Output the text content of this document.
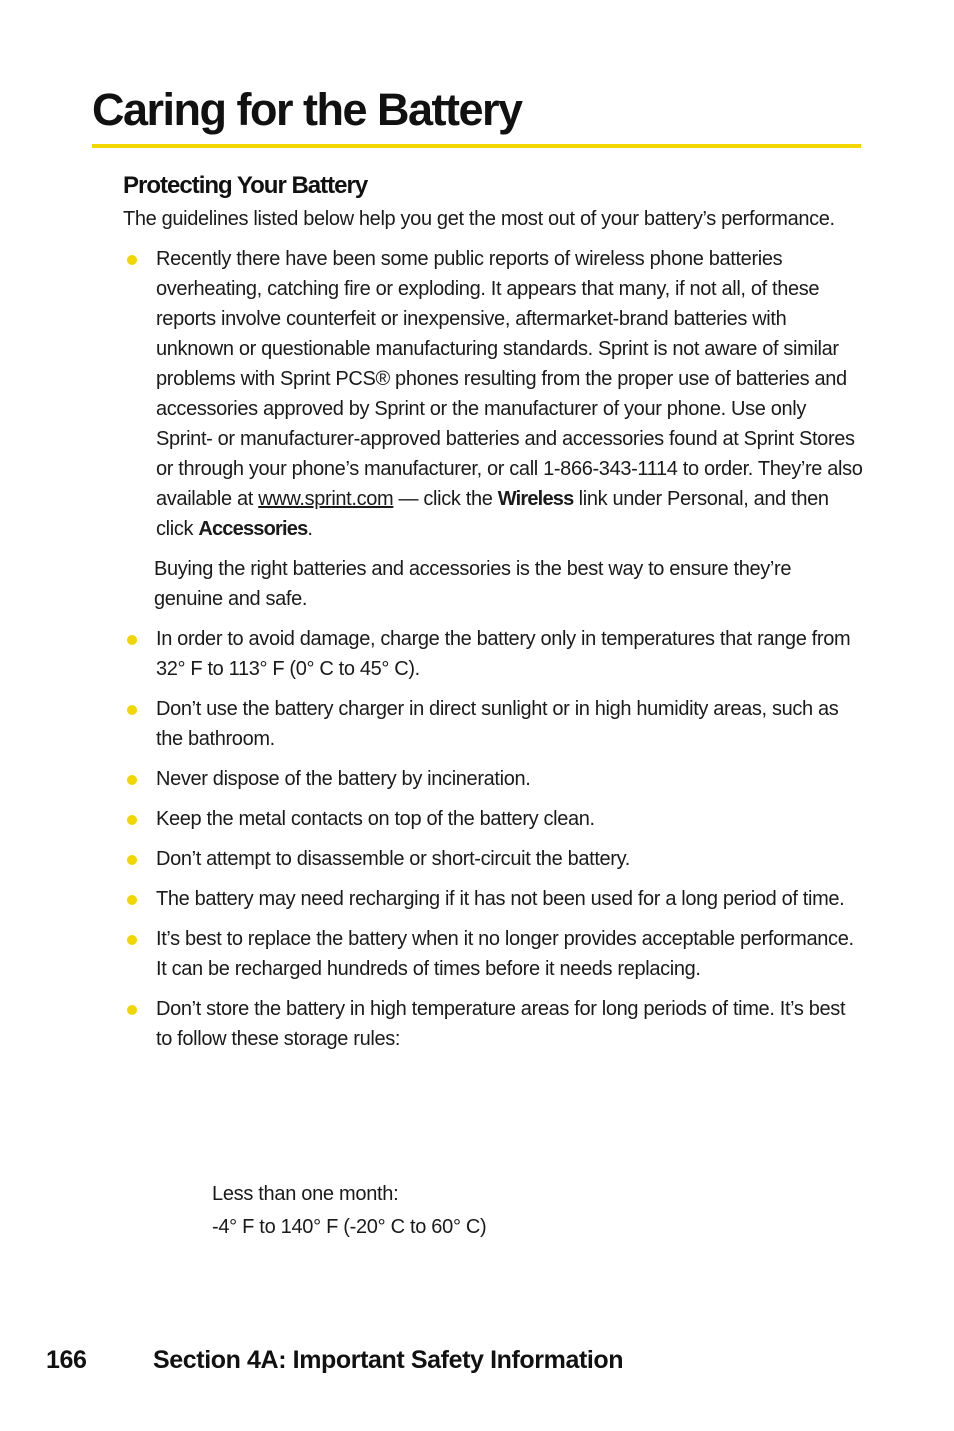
Caring for the Battery
Protecting Your Battery

The guidelines listed below help you get the most out of your battery’s performance.

Recently there have been some public reports of wireless phone batteries overheating, catching fire or exploding. It appears that many, if not all, of these reports involve counterfeit or inexpensive, aftermarket-brand batteries with unknown or questionable manufacturing standards. Sprint is not aware of similar problems with Sprint PCS® phones resulting from the proper use of batteries and accessories approved by Sprint or the manufacturer of your phone. Use only Sprint- or manufacturer-approved batteries and accessories found at Sprint Stores or through your phone’s manufacturer, or call 1-866-343-1114 to order. They’re also available at www.sprint.com — click the Wireless link under Personal, and then click Accessories.

Buying the right batteries and accessories is the best way to ensure they’re genuine and safe.

In order to avoid damage, charge the battery only in temperatures that range from 32° F to 113° F (0° C to 45° C).
Don’t use the battery charger in direct sunlight or in high humidity areas, such as the bathroom.
Never dispose of the battery by incineration.
Keep the metal contacts on top of the battery clean.
Don’t attempt to disassemble or short-circuit the battery.
The battery may need recharging if it has not been used for a long period of time.
It’s best to replace the battery when it no longer provides acceptable performance. It can be recharged hundreds of times before it needs replacing.
Don’t store the battery in high temperature areas for long periods of time. It’s best to follow these storage rules:
Less than one month:
-4° F to 140° F (-20° C to 60° C)
166	Section 4A: Important Safety Information
